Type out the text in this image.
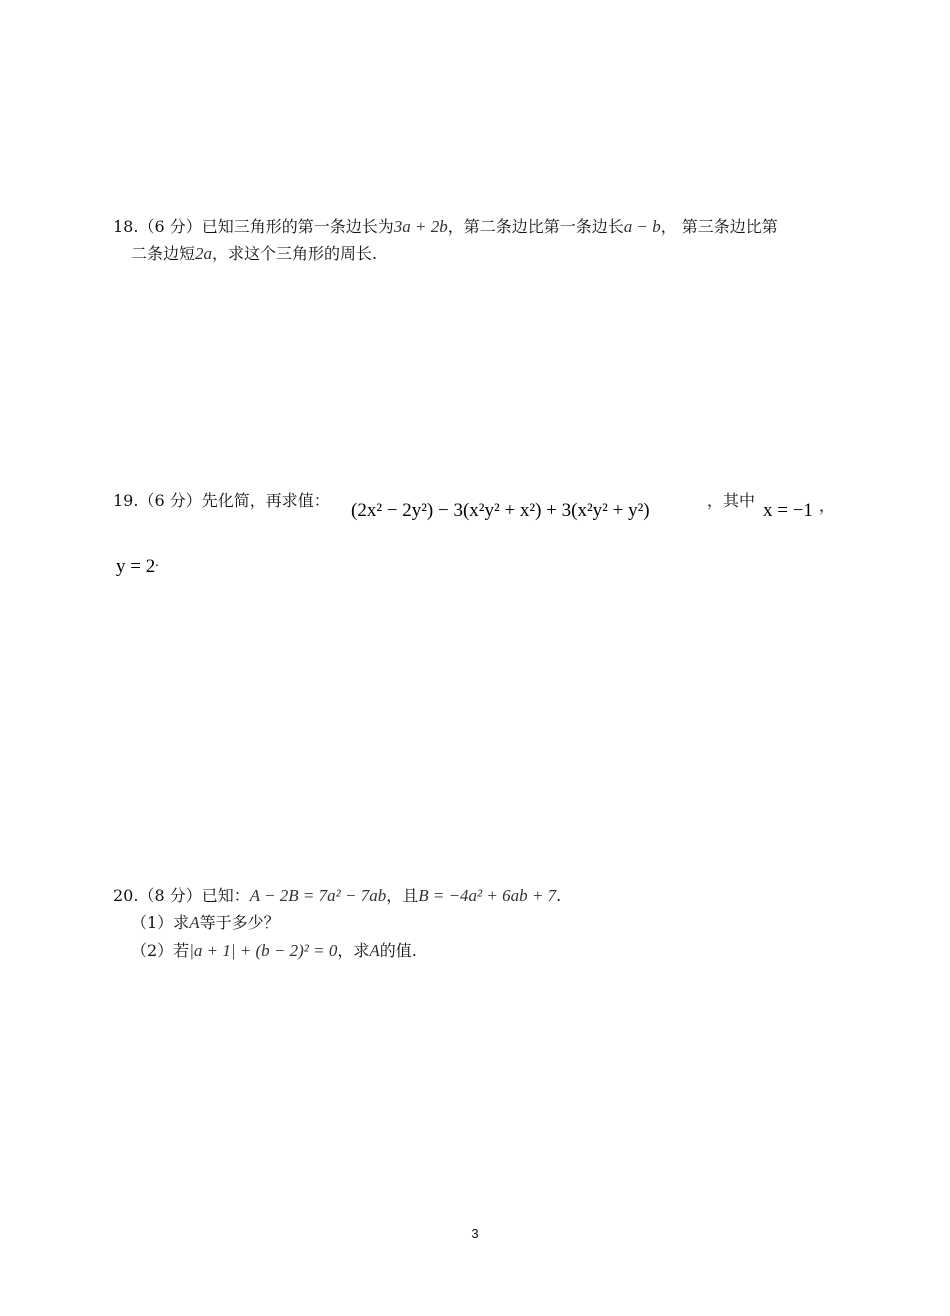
18.（6 分）已知三角形的第一条边长为3a + 2b，第二条边比第一条边长a − b， 第三条边比第
二条边短2a，求这个三角形的周长.
19.（6 分）先化简，再求值： (2x² − 2y²) − 3(x²y² + x²) + 3(x²y² + y²)	，其中 x = −1 ，
y = 2.
20.（8 分）已知：A − 2B = 7a² − 7ab，且B = −4a² + 6ab + 7.
（1）求A等于多少？
（2）若|a + 1| + (b − 2)² = 0，求A的值.
3
